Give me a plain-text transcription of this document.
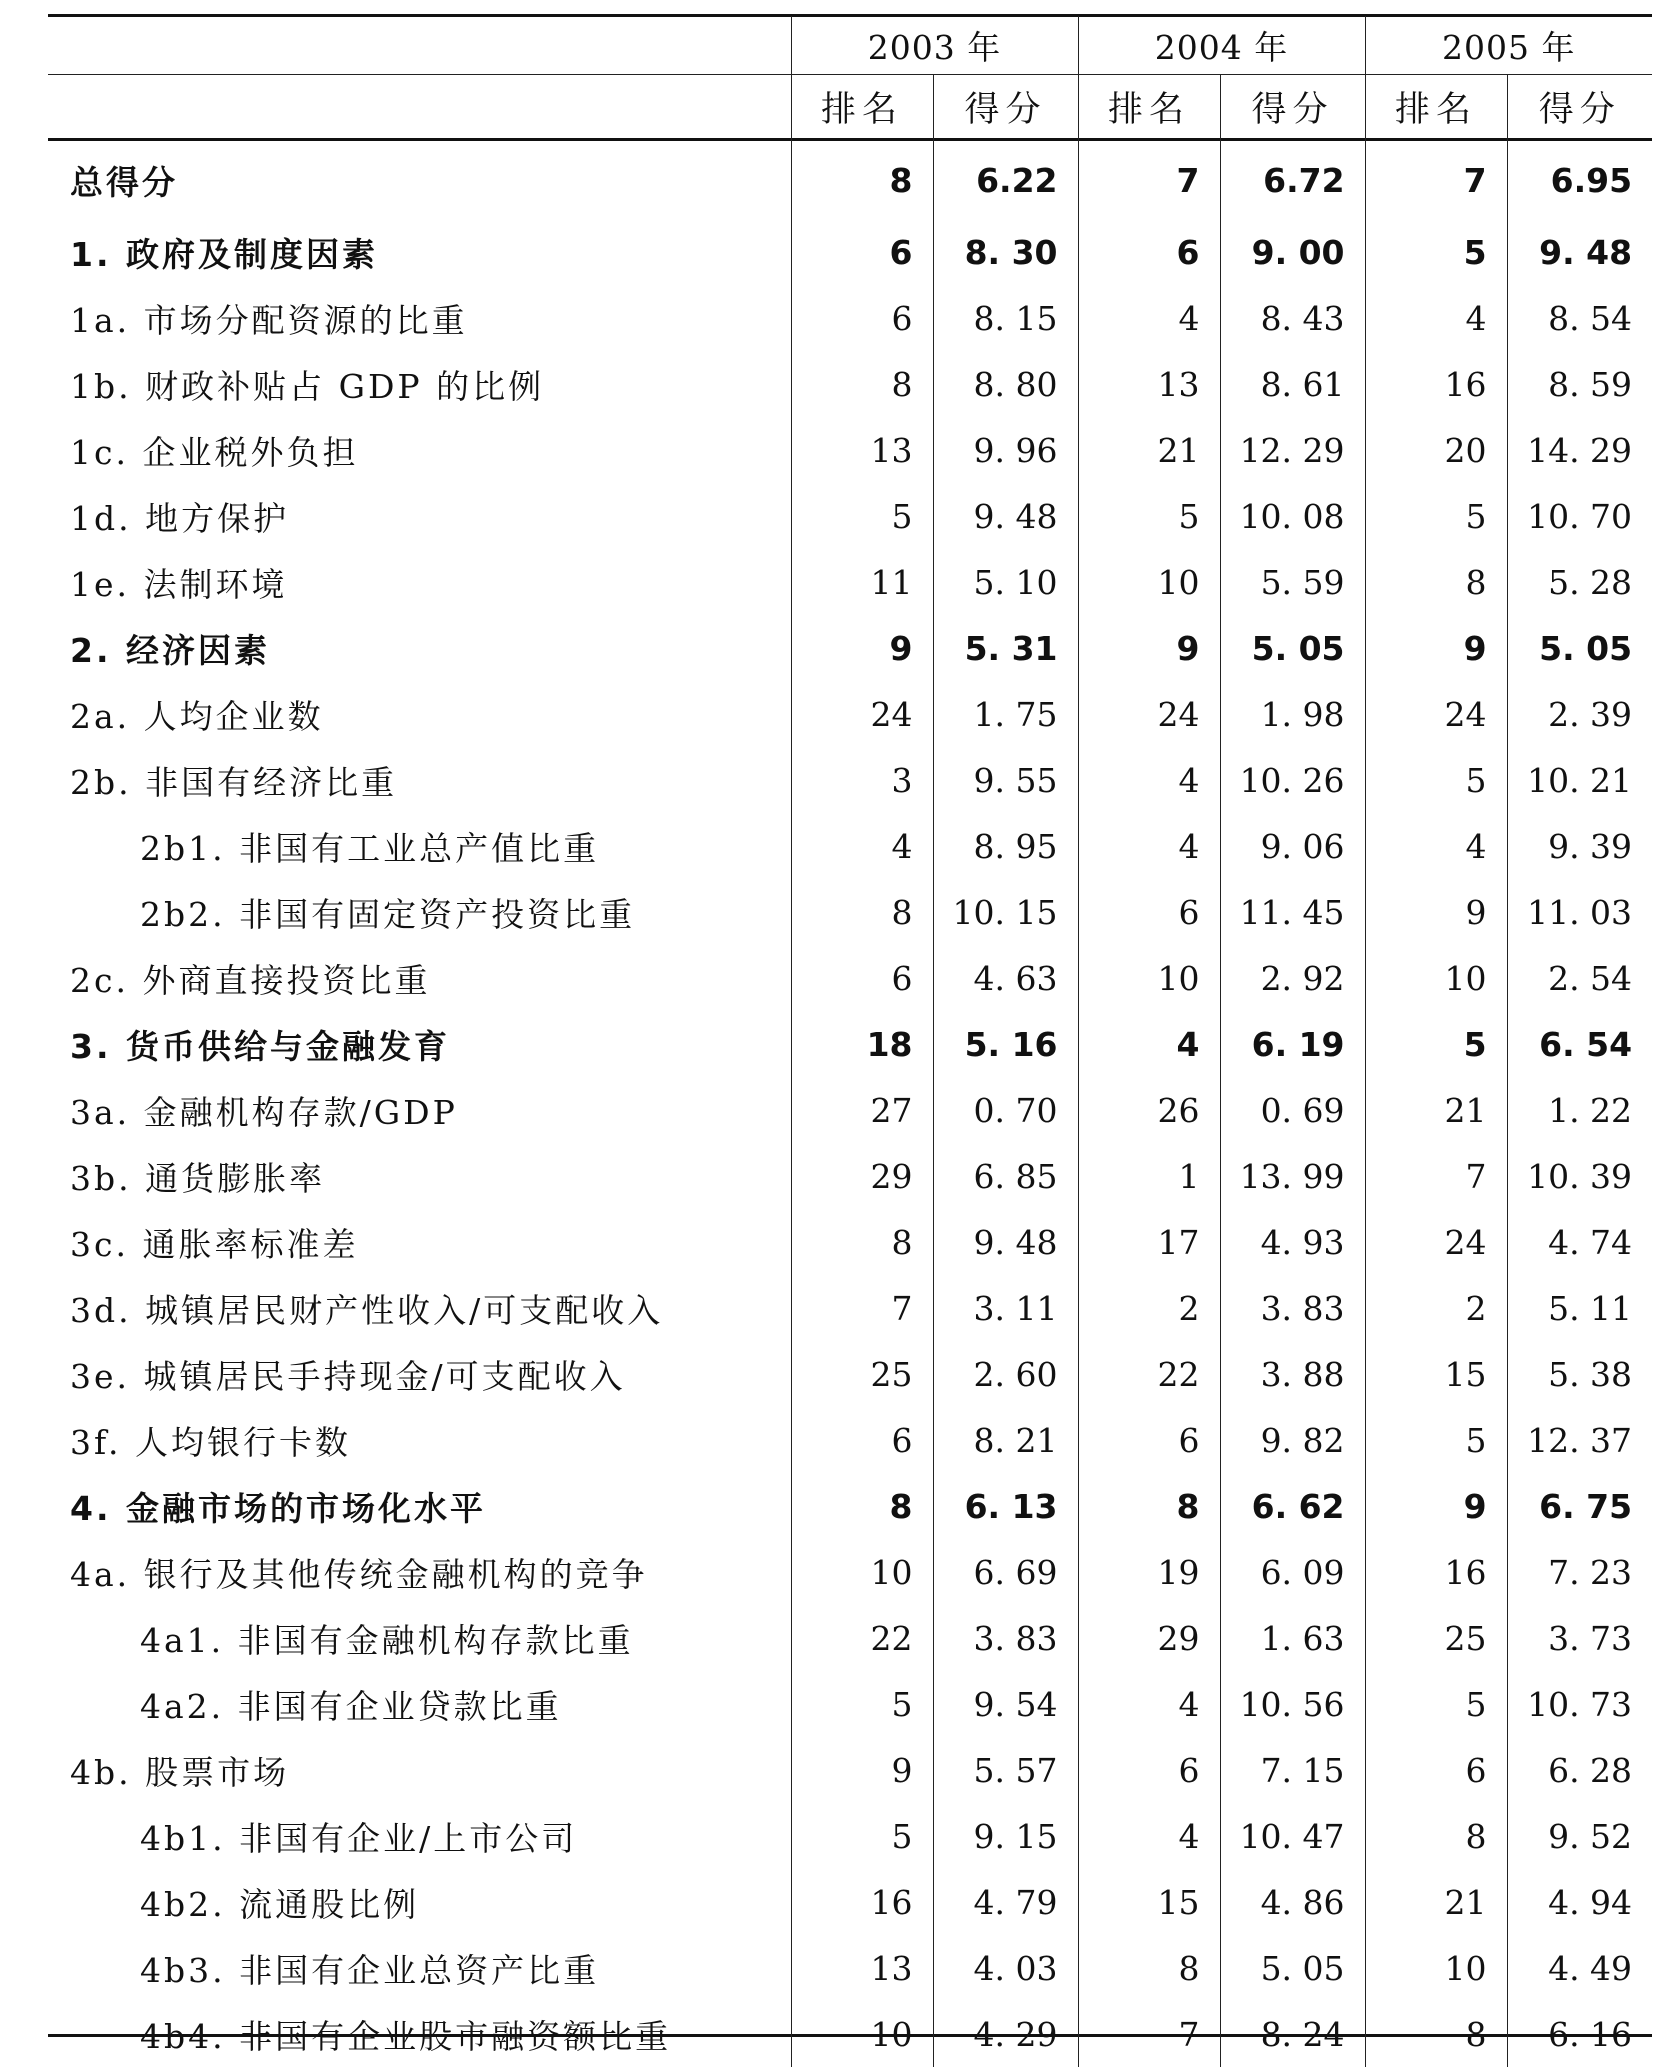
	2003 年		2004 年		2005 年	
	排名	得分	排名	得分	排名	得分
总得分	8	6.22	7	6.72	7	6.95
1. 政府及制度因素	6	8. 30	6	9. 00	5	9. 48
1a. 市场分配资源的比重	6	8. 15	4	8. 43	4	8. 54
1b. 财政补贴占 GDP 的比例	8	8. 80	13	8. 61	16	8. 59
1c. 企业税外负担	13	9. 96	21	12. 29	20	14. 29
1d. 地方保护	5	9. 48	5	10. 08	5	10. 70
1e. 法制环境	11	5. 10	10	5. 59	8	5. 28
2. 经济因素	9	5. 31	9	5. 05	9	5. 05
2a. 人均企业数	24	1. 75	24	1. 98	24	2. 39
2b. 非国有经济比重	3	9. 55	4	10. 26	5	10. 21
2b1. 非国有工业总产值比重	4	8. 95	4	9. 06	4	9. 39
2b2. 非国有固定资产投资比重	8	10. 15	6	11. 45	9	11. 03
2c. 外商直接投资比重	6	4. 63	10	2. 92	10	2. 54
3. 货币供给与金融发育	18	5. 16	4	6. 19	5	6. 54
3a. 金融机构存款/GDP	27	0. 70	26	0. 69	21	1. 22
3b. 通货膨胀率	29	6. 85	1	13. 99	7	10. 39
3c. 通胀率标准差	8	9. 48	17	4. 93	24	4. 74
3d. 城镇居民财产性收入/可支配收入	7	3. 11	2	3. 83	2	5. 11
3e. 城镇居民手持现金/可支配收入	25	2. 60	22	3. 88	15	5. 38
3f. 人均银行卡数	6	8. 21	6	9. 82	5	12. 37
4. 金融市场的市场化水平	8	6. 13	8	6. 62	9	6. 75
4a. 银行及其他传统金融机构的竞争	10	6. 69	19	6. 09	16	7. 23
4a1. 非国有金融机构存款比重	22	3. 83	29	1. 63	25	3. 73
4a2. 非国有企业贷款比重	5	9. 54	4	10. 56	5	10. 73
4b. 股票市场	9	5. 57	6	7. 15	6	6. 28
4b1. 非国有企业/上市公司	5	9. 15	4	10. 47	8	9. 52
4b2. 流通股比例	16	4. 79	15	4. 86	21	4. 94
4b3. 非国有企业总资产比重	13	4. 03	8	5. 05	10	4. 49
4b4. 非国有企业股市融资额比重	10	4. 29	7	8. 24	8	6. 16
